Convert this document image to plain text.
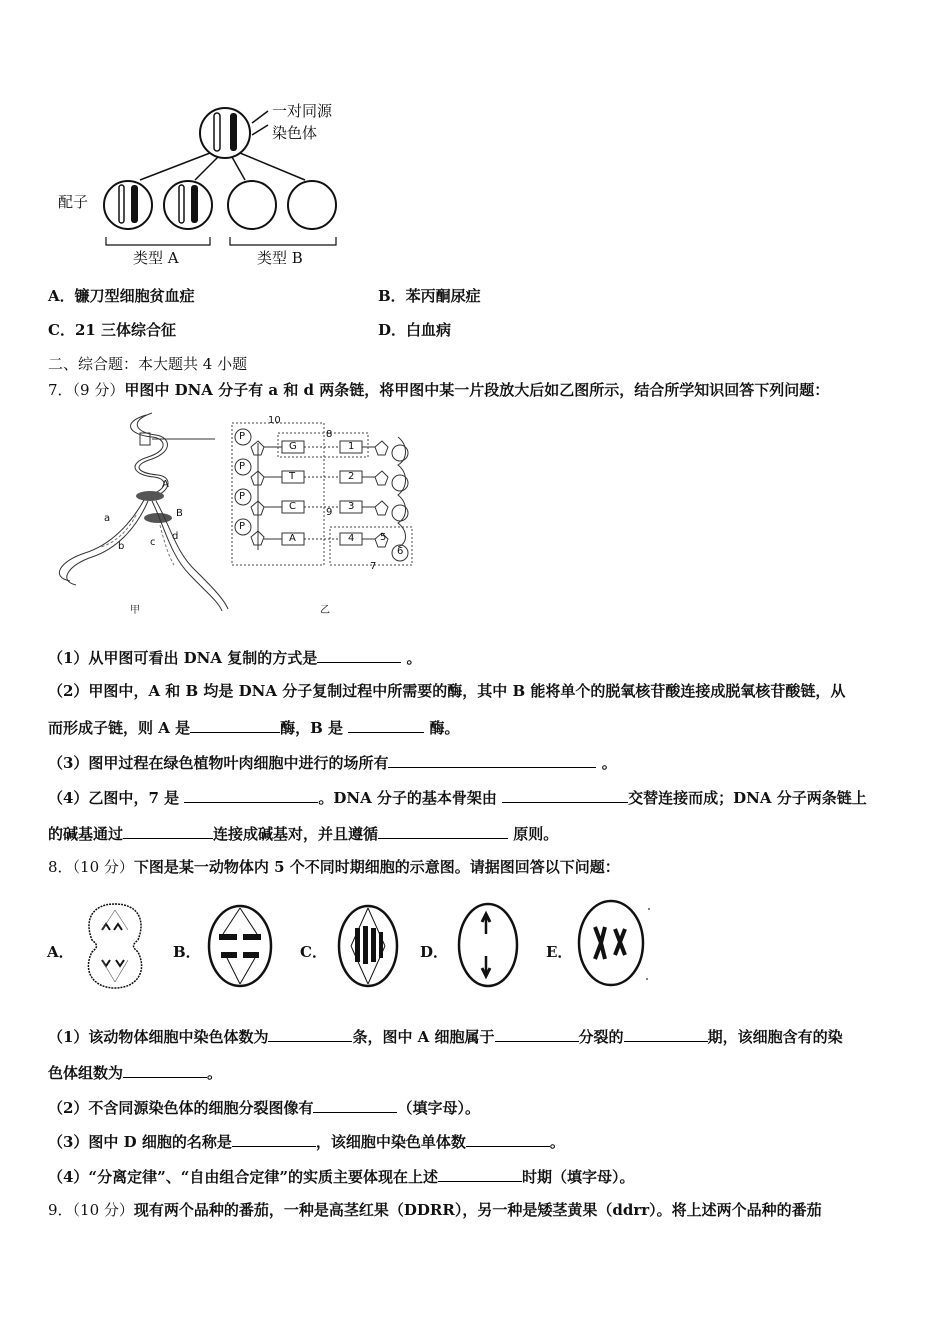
一对同源
染色体
配子
类型 A	类型 B
A．镰刀型细胞贫血症	B．苯丙酮尿症
C．21 三体综合征	D．白血病
二、综合题：本大题共 4 小题
7．（9 分）甲图中 DNA 分子有 a 和 d 两条链，将甲图中某一片段放大后如乙图所示，结合所学知识回答下列问题：
A
B
a
b	c
d
甲
10
8
9
7
P
P
P
P
G
T
C
A
1
2
3
4	5
6
乙
（1）从甲图可看出 DNA 复制的方式是	。
（2）甲图中，A 和 B 均是 DNA 分子复制过程中所需要的酶，其中 B 能将单个的脱氧核苷酸连接成脱氧核苷酸链，从
而形成子链，则 A 是	酶，B 是	酶。
（3）图甲过程在绿色植物叶肉细胞中进行的场所有	。
（4）乙图中，7 是	。DNA 分子的基本骨架由	交替连接而成；DNA 分子两条链上
的碱基通过	连接成碱基对，并且遵循	原则。
8．（10 分）下图是某一动物体内 5 个不同时期细胞的示意图。请据图回答以下问题：
A．	B．	C．	D．	E．
（1）该动物体细胞中染色体数为	条，图中 A 细胞属于	分裂的	期，该细胞含有的染
色体组数为	。
（2）不含同源染色体的细胞分裂图像有	（填字母）。
（3）图中 D 细胞的名称是	，该细胞中染色单体数	。
（4）“分离定律”、“自由组合定律”的实质主要体现在上述	时期（填字母）。
9．（10 分）现有两个品种的番茄，一种是高茎红果（DDRR），另一种是矮茎黄果（ddrr）。将上述两个品种的番茄
